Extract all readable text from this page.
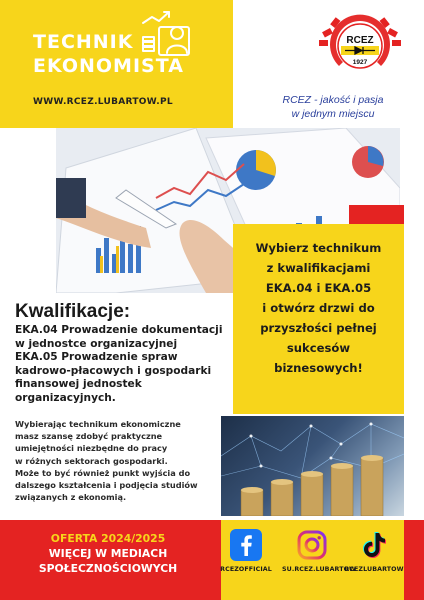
TECHNIK
EKONOMISTA
WWW.RCEZ.LUBARTOW.PL
RCEZ
1927
RCEZ - jakość i pasja
w jednym miejscu
Wybierz technikum
z kwalifikacjami
EKA.04 i EKA.05
i otwórz drzwi do
przyszłości pełnej
sukcesów
biznesowych!
Kwalifikacje:
EKA.04 Prowadzenie dokumentacji
w jednostce organizacyjnej
EKA.05 Prowadzenie spraw
kadrowo-płacowych i gospodarki
finansowej jednostek
organizacyjnych.
Wybierając technikum ekonomiczne
masz szansę zdobyć praktyczne
umiejętności niezbędne do pracy
w różnych sektorach gospodarki.
Może to być również punkt wyjścia do
dalszego kształcenia i podjęcia studiów
związanych z ekonomią.
OFERTA 2024/2025
WIĘCEJ W MEDIACH
SPOŁECZNOŚCIOWYCH	RCEZOFFICIAL	SU.RCEZ.LUBARTOW
RCEZLUBARTOW
